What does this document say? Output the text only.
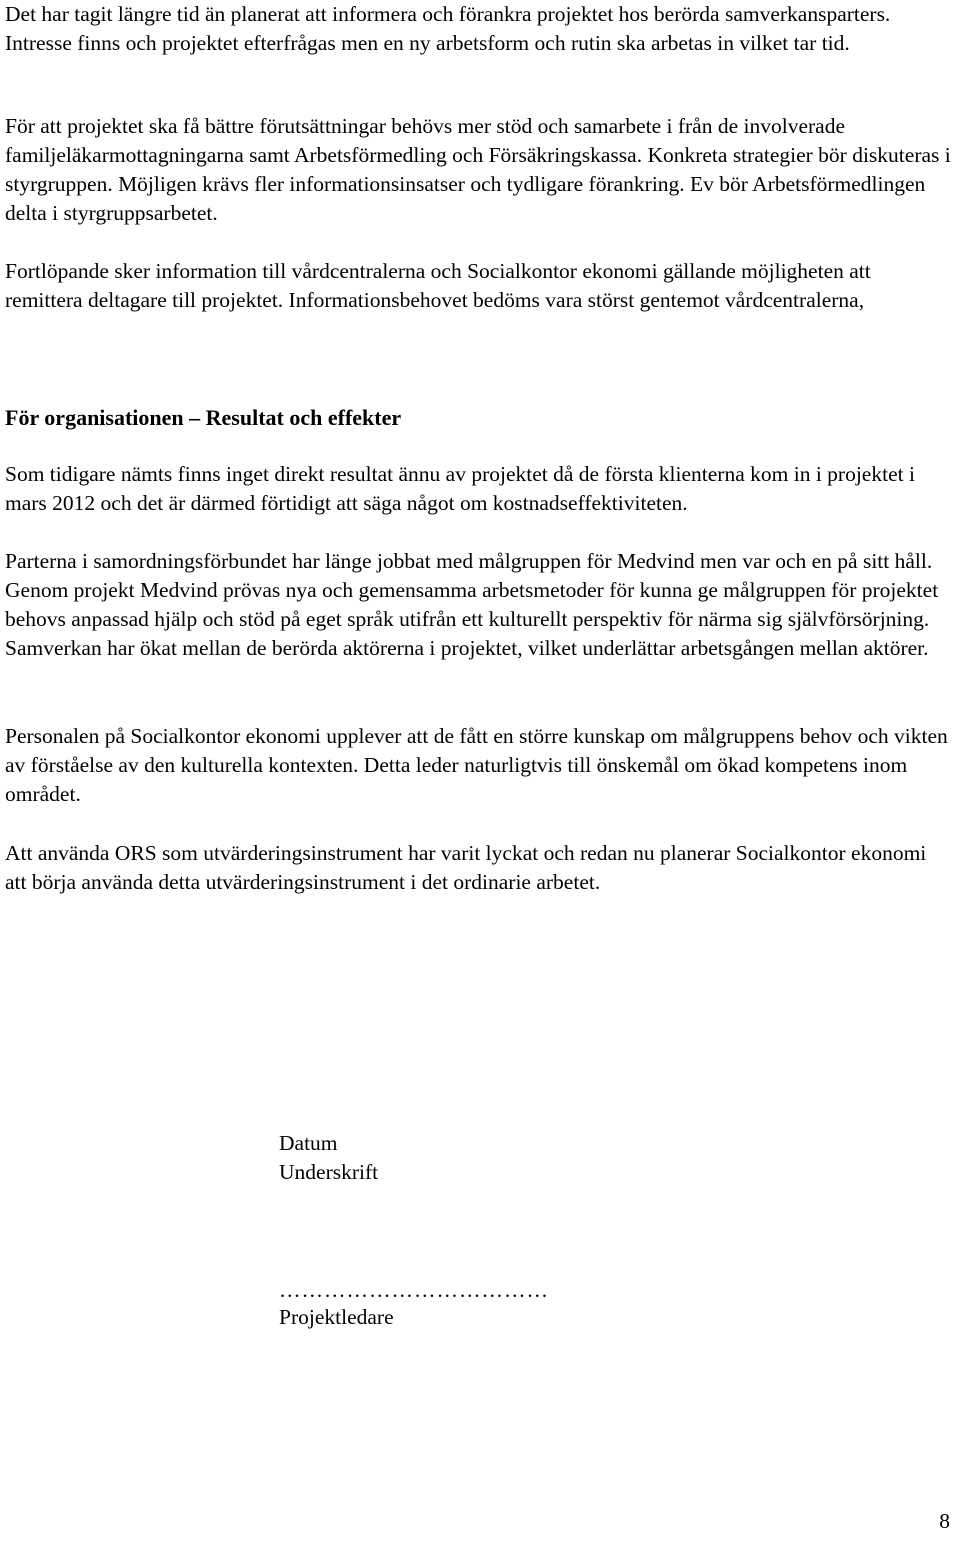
Det har tagit längre tid än planerat att informera och förankra projektet hos berörda samverkansparters. Intresse finns och projektet efterfrågas men en ny arbetsform och rutin ska arbetas in vilket tar tid.

För att projektet ska få bättre förutsättningar behövs mer stöd och samarbete i från de involverade familjeläkarmottagningarna samt Arbetsförmedling och Försäkringskassa. Konkreta strategier bör diskuteras i styrgruppen. Möjligen krävs fler informationsinsatser och tydligare förankring. Ev bör Arbetsförmedlingen delta i styrgruppsarbetet.

Fortlöpande sker information till vårdcentralerna och Socialkontor ekonomi gällande möjligheten att remittera deltagare till projektet. Informationsbehovet bedöms vara störst gentemot vårdcentralerna,

För organisationen – Resultat och effekter

Som tidigare nämts finns inget direkt resultat ännu av projektet då de första klienterna kom in i projektet i mars 2012 och det är därmed förtidigt att säga något om kostnadseffektiviteten.

Parterna i samordningsförbundet har länge jobbat med målgruppen för Medvind men var och en på sitt håll. Genom projekt Medvind prövas nya och gemensamma arbetsmetoder för kunna ge målgruppen för projektet behovs anpassad hjälp och stöd på eget språk utifrån ett kulturellt perspektiv för närma sig självförsörjning. Samverkan har ökat mellan de berörda aktörerna i projektet, vilket underlättar arbetsgången mellan aktörer.

Personalen på Socialkontor ekonomi upplever att de fått en större kunskap om målgruppens behov och vikten av förståelse av den kulturella kontexten. Detta leder naturligtvis till önskemål om ökad kompetens inom området.

Att använda ORS som utvärderingsinstrument har varit lyckat och redan nu planerar Socialkontor ekonomi att börja använda detta utvärderingsinstrument i det ordinarie arbetet.

Datum
Underskrift
………………………………
Projektledare
8
